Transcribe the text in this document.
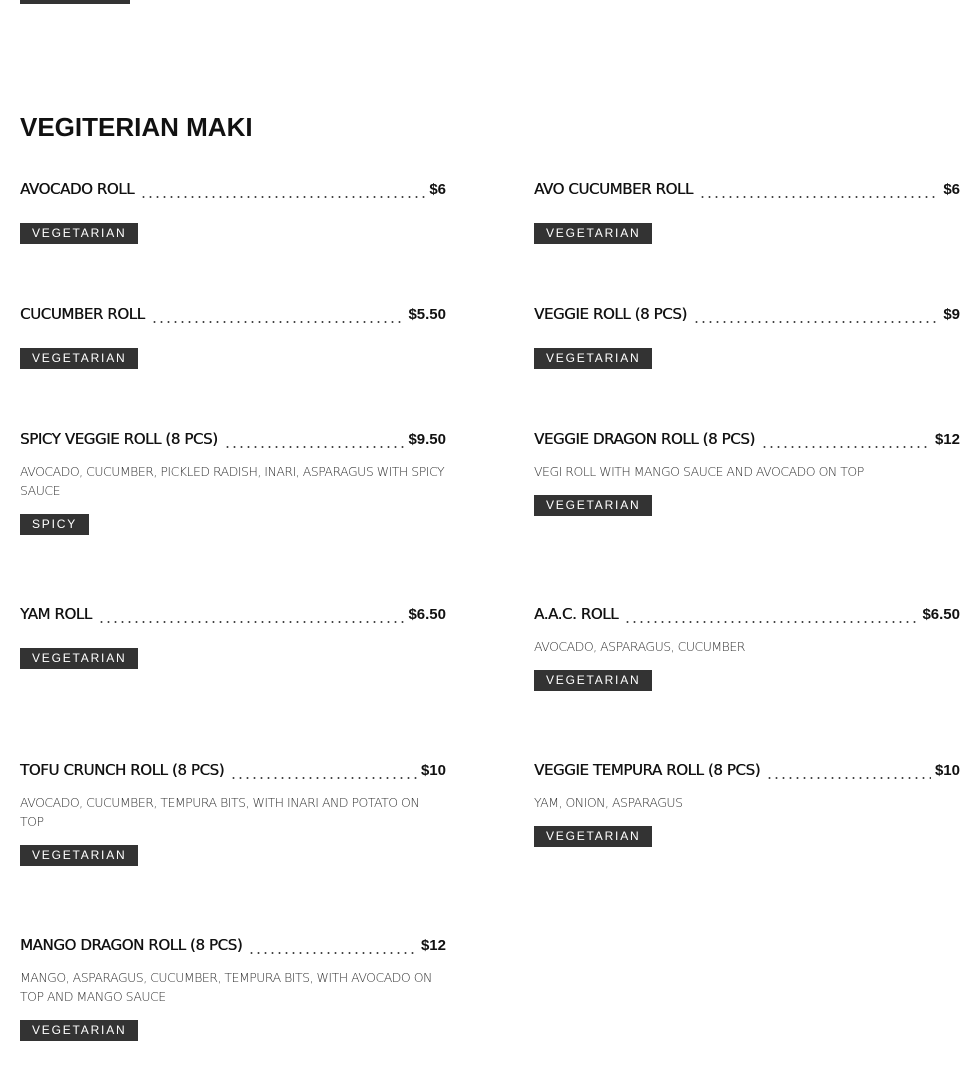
VEGITERIAN MAKI
AVOCADO ROLL	$6
VEGETARIAN
AVO CUCUMBER ROLL	$6
VEGETARIAN
CUCUMBER ROLL	$5.50
VEGETARIAN
VEGGIE ROLL (8 PCS)	$9
VEGETARIAN
SPICY VEGGIE ROLL (8 PCS)	$9.50
AVOCADO, CUCUMBER, PICKLED RADISH, INARI, ASPARAGUS WITH SPICY SAUCE
SPICY
VEGGIE DRAGON ROLL (8 PCS)	$12
VEGI ROLL WITH MANGO SAUCE AND AVOCADO ON TOP
VEGETARIAN
YAM ROLL	$6.50
VEGETARIAN
A.A.C. ROLL	$6.50
AVOCADO, ASPARAGUS, CUCUMBER
VEGETARIAN
TOFU CRUNCH ROLL (8 PCS)	$10
AVOCADO, CUCUMBER, TEMPURA BITS, WITH INARI AND POTATO ON TOP
VEGETARIAN
VEGGIE TEMPURA ROLL (8 PCS)	$10
YAM, ONION, ASPARAGUS
VEGETARIAN
MANGO DRAGON ROLL (8 PCS)	$12
MANGO, ASPARAGUS, CUCUMBER, TEMPURA BITS, WITH AVOCADO ON TOP AND MANGO SAUCE
VEGETARIAN
